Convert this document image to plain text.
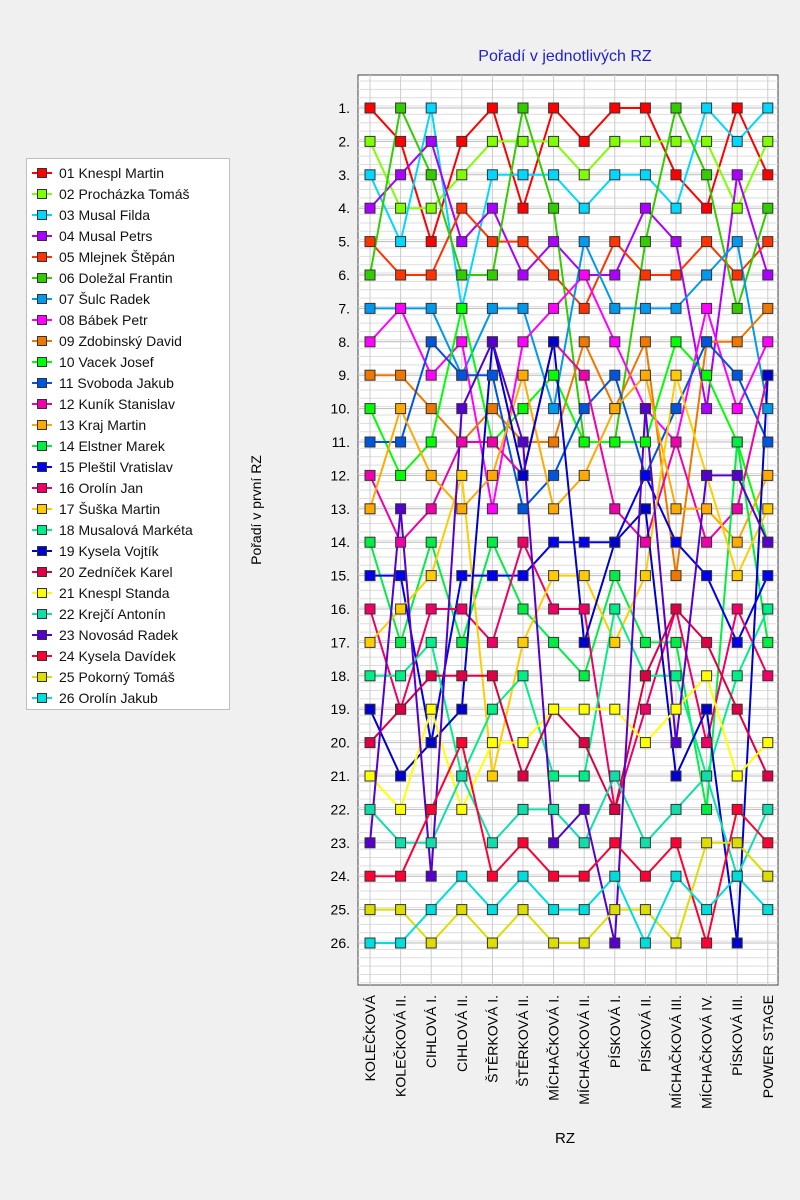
Pořadí v jednotlivých RZ
1.
2.
3.
4.
5.
6.
7.
8.
9.
10.
11.
12.
13.
14.
15.
16.
17.
18.
19.
20.
21.
22.
23.
24.
25.
26.
KOLEČKOVÁ KOLEČKOVÁ II. CIHLOVÁ I. CIHLOVÁ II. ŠTĚRKOVÁ I. ŠTĚRKOVÁ II. MÍCHAČKOVÁ I. MÍCHAČKOVÁ II. PÍSKOVÁ I. PÍSKOVÁ II. MÍCHAČKOVÁ III. MÍCHAČKOVÁ IV. PÍSKOVÁ III. POWER STAGE
01 Knespl Martin
02 Procházka Tomáš
03 Musal Filda
04 Musal Petrs
05 Mlejnek Štěpán
06 Doležal Frantin
07 Šulc Radek
08 Bábek Petr
09 Zdobinský David
10 Vacek Josef
11 Svoboda Jakub
12 Kuník Stanislav
13 Kraj Martin
14 Elstner Marek
15 Pleštil Vratislav
16 Orolín Jan
17 Šuška Martin
18 Musalová Markéta
19 Kysela Vojtík
20 Zedníček Karel
21 Knespl Standa
22 Krejčí Antonín
23 Novosád Radek
24 Kysela Davídek
25 Pokorný Tomáš
26 Orolín Jakub
Pořadí v první RZ
RZ
